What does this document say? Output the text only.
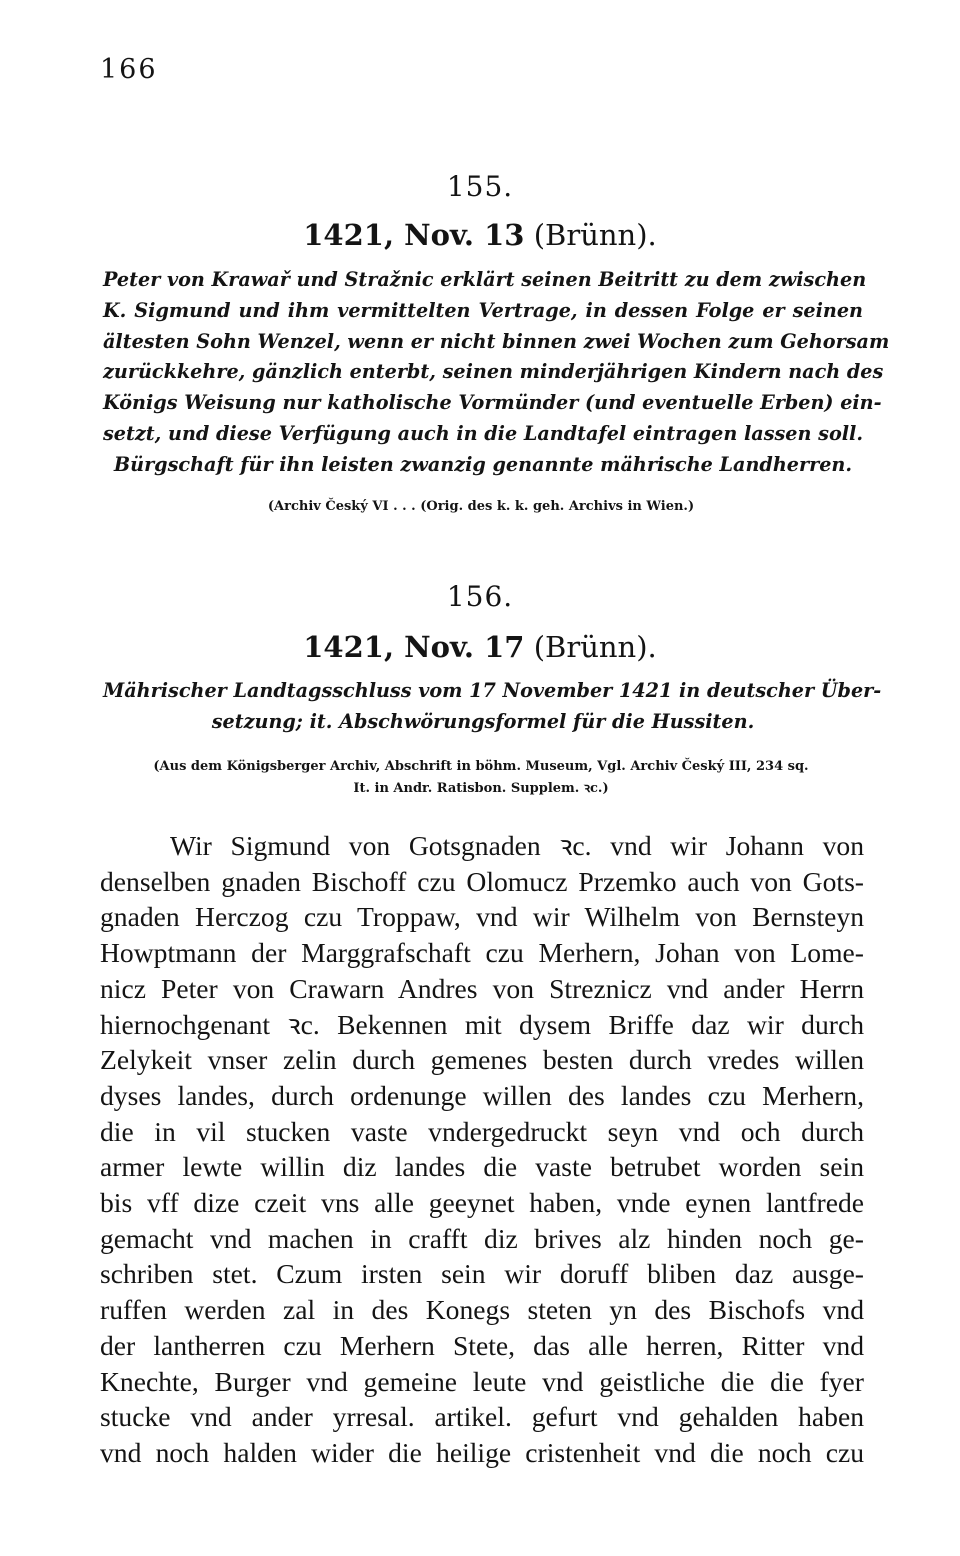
166
155.
1421, Nov. 13 (Brünn).

Peter von Krawař und Stražnic erklärt seinen Beitritt zu dem zwischen
K. Sigmund und ihm vermittelten Vertrage, in dessen Folge er seinen
ältesten Sohn Wenzel, wenn er nicht binnen zwei Wochen zum Gehorsam
zurückkehre, gänzlich enterbt, seinen minderjährigen Kindern nach des
Königs Weisung nur katholische Vormünder (und eventuelle Erben) ein-
setzt, und diese Verfügung auch in die Landtafel eintragen lassen soll.
Bürgschaft für ihn leisten zwanzig genannte mährische Landherren.

(Archiv Český VI . . . (Orig. des k. k. geh. Archivs in Wien.)

156.
1421, Nov. 17 (Brünn).

Mährischer Landtagsschluss vom 17 November 1421 in deutscher Über-
setzung; it. Abschwörungsformel für die Hussiten.

(Aus dem Königsberger Archiv, Abschrift in böhm. Museum, Vgl. Archiv Český III, 234 sq.
It. in Andr. Ratisbon. Supplem. ꝛc.)

Wir Sigmund von Gotsgnaden ꝛc. vnd wir Johann von
denselben gnaden Bischoff czu Olomucz Przemko auch von Gots-
gnaden Herczog czu Troppaw, vnd wir Wilhelm von Bernsteyn
Howptmann der Marggrafschaft czu Merhern, Johan von Lome-
nicz Peter von Crawarn Andres von Streznicz vnd ander Herrn
hiernochgenant ꝛc. Bekennen mit dysem Briffe daz wir durch
Zelykeit vnser zelin durch gemenes besten durch vredes willen
dyses landes, durch ordenunge willen des landes czu Merhern,
die in vil stucken vaste vndergedruckt seyn vnd och durch
armer lewte willin diz landes die vaste betrubet worden sein
bis vff dize czeit vns alle geeynet haben, vnde eynen lantfrede
gemacht vnd machen in crafft diz brives alz hinden noch ge-
schriben stet. Czum irsten sein wir doruff bliben daz ausge-
ruffen werden zal in des Konegs steten yn des Bischofs vnd
der lantherren czu Merhern Stete, das alle herren, Ritter vnd
Knechte, Burger vnd gemeine leute vnd geistliche die die fyer
stucke vnd ander yrresal. artikel. gefurt vnd gehalden haben
vnd noch halden wider die heilige cristenheit vnd die noch czu
